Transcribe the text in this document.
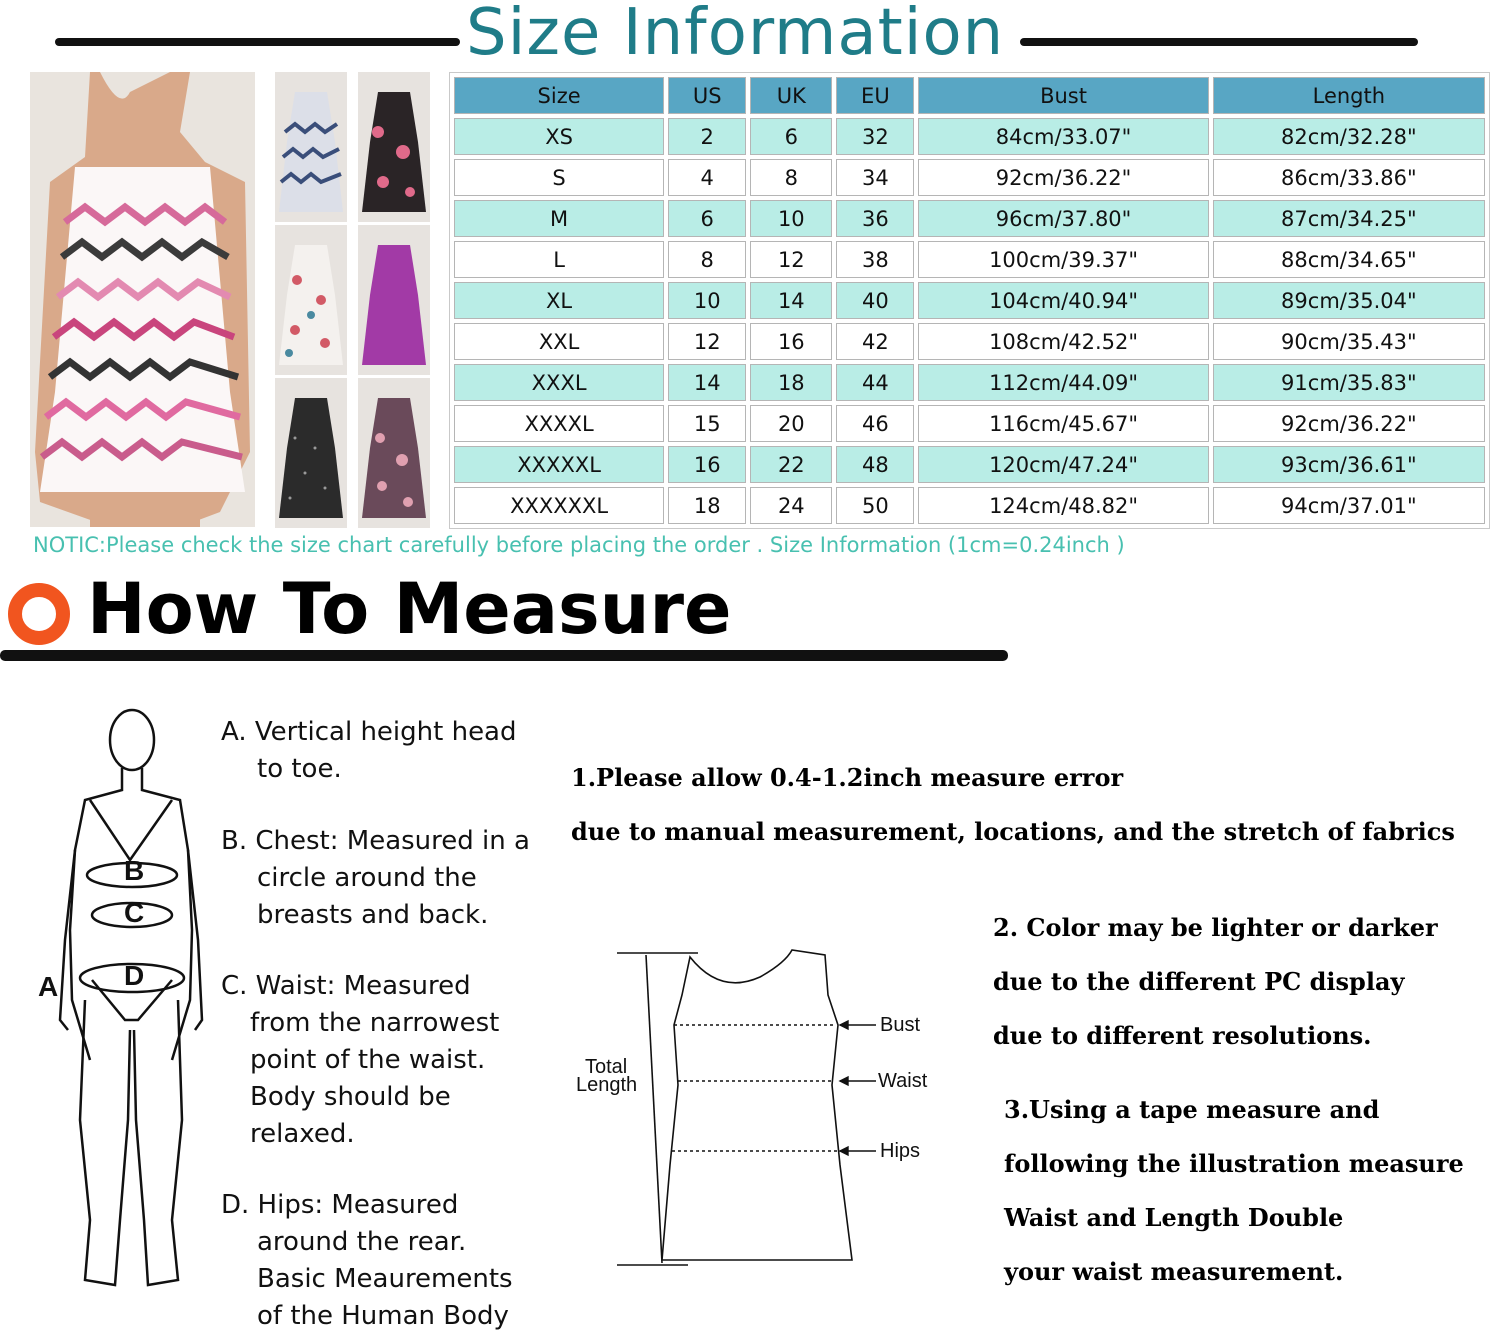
Size Information
Size	US	UK	EU	Bust	Length
XS	2	6	32	84cm/33.07"	82cm/32.28"
S	4	8	34	92cm/36.22"	86cm/33.86"
M	6	10	36	96cm/37.80"	87cm/34.25"
L	8	12	38	100cm/39.37"	88cm/34.65"
XL	10	14	40	104cm/40.94"	89cm/35.04"
XXL	12	16	42	108cm/42.52"	90cm/35.43"
XXXL	14	18	44	112cm/44.09"	91cm/35.83"
XXXXL	15	20	46	116cm/45.67"	92cm/36.22"
XXXXXL	16	22	48	120cm/47.24"	93cm/36.61"
XXXXXXL	18	24	50	124cm/48.82"	94cm/37.01"
NOTIC:Please check the size chart carefully before placing the order . Size Information (1cm=0.24inch )
How To Measure
B
C
D
A
A. Vertical height head
to toe.
B. Chest: Measured in a
circle around the
breasts and back.
C. Waist: Measured
from the narrowest
point of the waist.
Body should be
relaxed.
D. Hips: Measured
around the rear.
Basic Meaurements
of the Human Body
1.Please allow 0.4-1.2inch measure error
due to manual measurement, locations, and the stretch of fabrics
2. Color may be lighter or darker
due to the different PC display
due to different resolutions.
3.Using a tape measure and
following the illustration measure
Waist and Length Double
your waist measurement.
Total
Length
Bust
Waist
Hips
